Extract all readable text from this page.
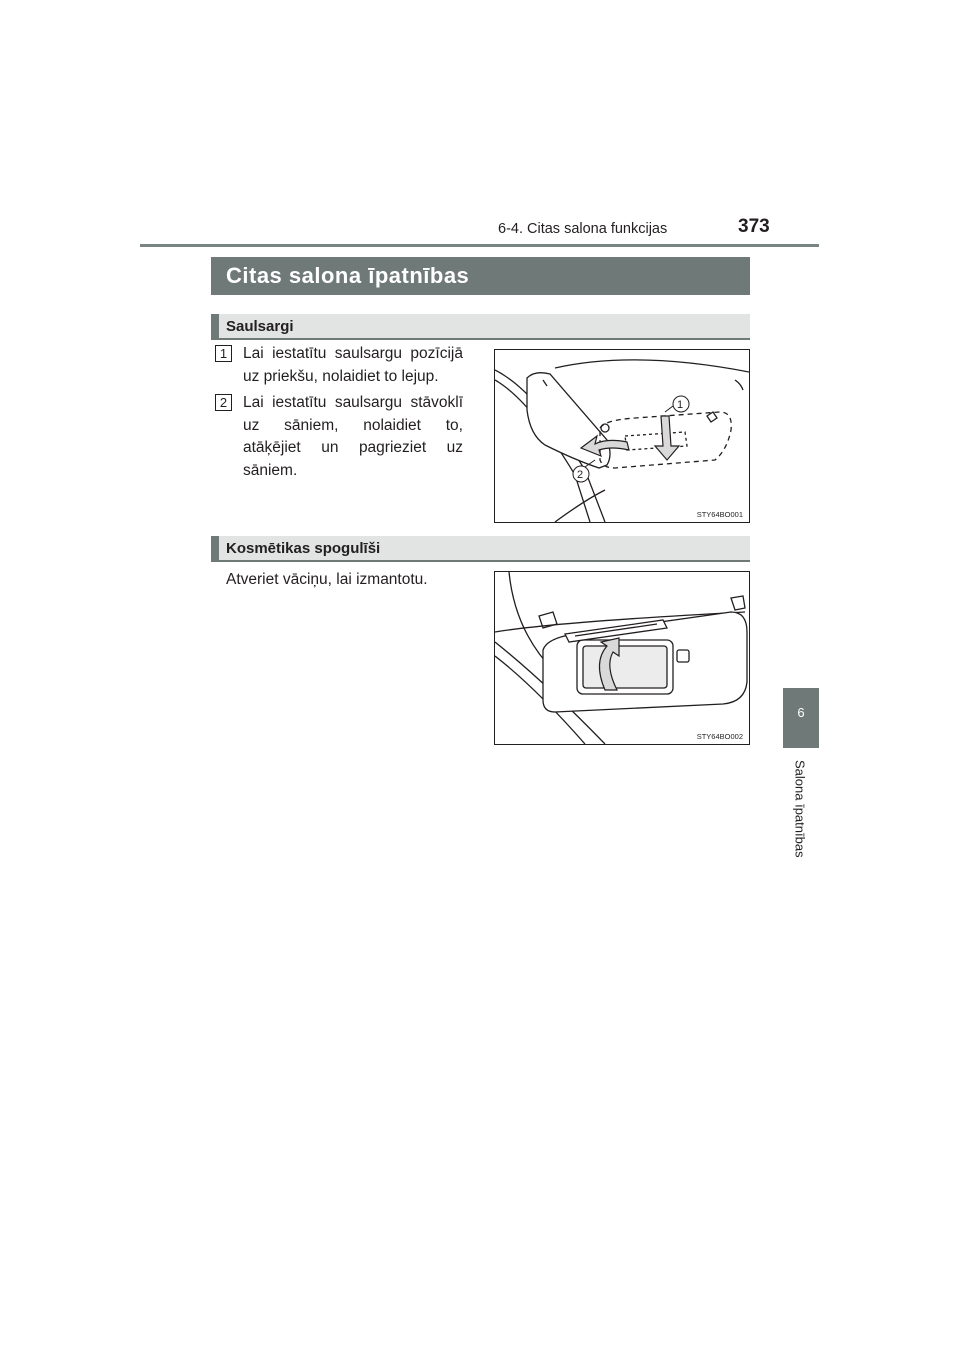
6-4. Citas salona funkcijas	373
6
Salona īpatnības
Citas salona īpatnības
Saulsargi
1	Lai iestatītu saulsargu pozīcijā uz priekšu, nolaidiet to lejup.
2	Lai iestatītu saulsargu stāvoklī uz sāniem, nolaidiet to, atāķējiet un pagrieziet uz sāniem.
1
2
STY64BO001
Kosmētikas spogulīši
Atveriet vāciņu, lai izmantotu.
STY64BO002
